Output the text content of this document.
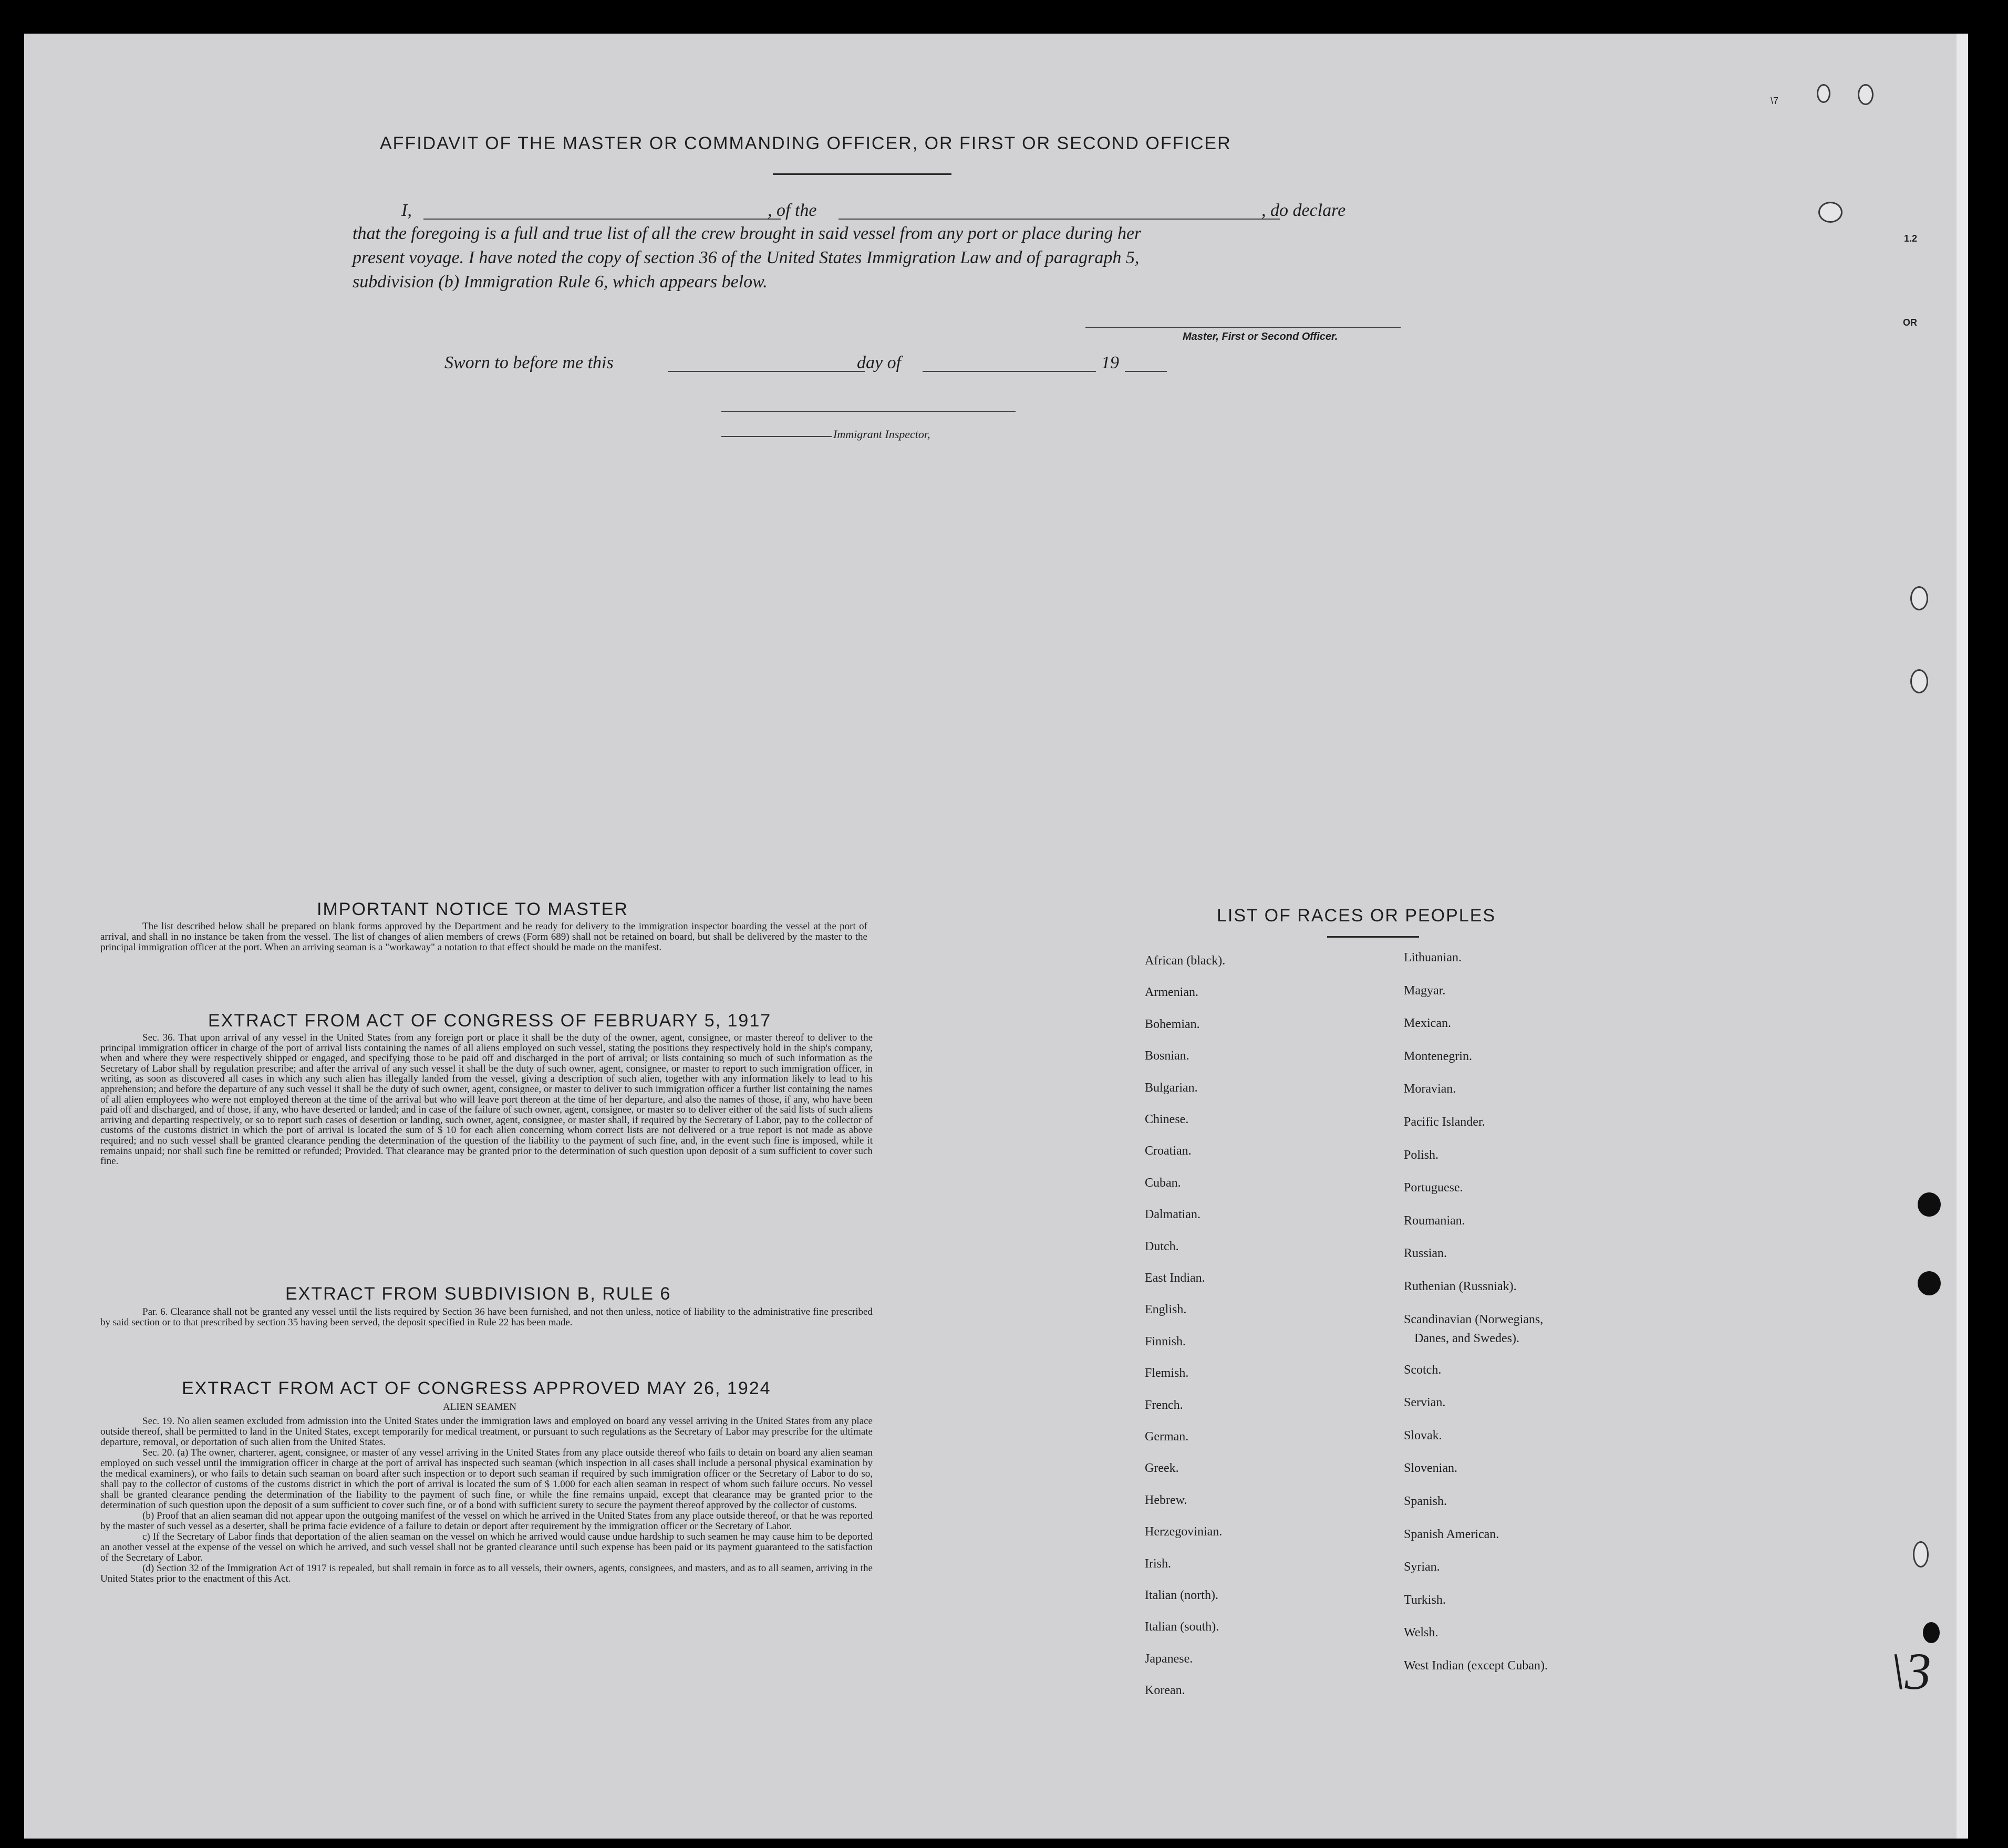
AFFIDAVIT OF THE MASTER OR COMMANDING OFFICER, OR FIRST OR SECOND OFFICER
I,	, of the	, do declare
that the foregoing is a full and true list of all the crew brought in said vessel from any port or place during her
present voyage. I have noted the copy of section 36 of the United States Immigration Law and of paragraph 5,
subdivision (b) Immigration Rule 6, which appears below.
Master, First or Second Officer.
Sworn to before me this	day of	19
Immigrant Inspector,
IMPORTANT NOTICE TO MASTER
The list described below shall be prepared on blank forms approved by the Department and be ready for delivery to the immigration inspector boarding the vessel at the port of arrival, and shall in no instance be taken from the vessel. The list of changes of alien members of crews (Form 689) shall not be retained on board, but shall be delivered by the master to the principal immigration officer at the port. When an arriving seaman is a "workaway" a notation to that effect should be made on the manifest.
EXTRACT FROM ACT OF CONGRESS OF FEBRUARY 5, 1917
Sec. 36. That upon arrival of any vessel in the United States from any foreign port or place it shall be the duty of the owner, agent, consignee, or master thereof to deliver to the principal immigration officer in charge of the port of arrival lists containing the names of all aliens employed on such vessel, stating the positions they respectively hold in the ship's company, when and where they were respectively shipped or engaged, and specifying those to be paid off and discharged in the port of arrival; or lists containing so much of such information as the Secretary of Labor shall by regulation prescribe; and after the arrival of any such vessel it shall be the duty of such owner, agent, consignee, or master to report to such immigration officer, in writing, as soon as discovered all cases in which any such alien has illegally landed from the vessel, giving a description of such alien, together with any information likely to lead to his apprehension; and before the departure of any such vessel it shall be the duty of such owner, agent, consignee, or master to deliver to such immigration officer a further list containing the names of all alien employees who were not employed thereon at the time of the arrival but who will leave port thereon at the time of her departure, and also the names of those, if any, who have been paid off and discharged, and of those, if any, who have deserted or landed; and in case of the failure of such owner, agent, consignee, or master so to deliver either of the said lists of such aliens arriving and departing respectively, or so to report such cases of desertion or landing, such owner, agent, consignee, or master shall, if required by the Secretary of Labor, pay to the collector of customs of the customs district in which the port of arrival is located the sum of $ 10 for each alien concerning whom correct lists are not delivered or a true report is not made as above required; and no such vessel shall be granted clearance pending the determination of the question of the liability to the payment of such fine, and, in the event such fine is imposed, while it remains unpaid; nor shall such fine be remitted or refunded; Provided. That clearance may be granted prior to the determination of such question upon deposit of a sum sufficient to cover such fine.
EXTRACT FROM SUBDIVISION B, RULE 6
Par. 6. Clearance shall not be granted any vessel until the lists required by Section 36 have been furnished, and not then unless, notice of liability to the administrative fine prescribed by said section or to that prescribed by section 35 having been served, the deposit specified in Rule 22 has been made.
EXTRACT FROM ACT OF CONGRESS APPROVED MAY 26, 1924
ALIEN SEAMEN
Sec. 19. No alien seamen excluded from admission into the United States under the immigration laws and employed on board any vessel arriving in the United States from any place outside thereof, shall be permitted to land in the United States, except temporarily for medical treatment, or pursuant to such regulations as the Secretary of Labor may prescribe for the ultimate departure, removal, or deportation of such alien from the United States.
Sec. 20. (a) The owner, charterer, agent, consignee, or master of any vessel arriving in the United States from any place outside thereof who fails to detain on board any alien seaman employed on such vessel until the immigration officer in charge at the port of arrival has inspected such seaman (which inspection in all cases shall include a personal physical examination by the medical examiners), or who fails to detain such seaman on board after such inspection or to deport such seaman if required by such immigration officer or the Secretary of Labor to do so, shall pay to the collector of customs of the customs district in which the port of arrival is located the sum of $ 1.000 for each alien seaman in respect of whom such failure occurs. No vessel shall be granted clearance pending the determination of the liability to the payment of such fine, or while the fine remains unpaid, except that clearance may be granted prior to the determination of such question upon the deposit of a sum sufficient to cover such fine, or of a bond with sufficient surety to secure the payment thereof approved by the collector of customs.
(b) Proof that an alien seaman did not appear upon the outgoing manifest of the vessel on which he arrived in the United States from any place outside thereof, or that he was reported by the master of such vessel as a deserter, shall be prima facie evidence of a failure to detain or deport after requirement by the immigration officer or the Secretary of Labor.
c) If the Secretary of Labor finds that deportation of the alien seaman on the vessel on which he arrived would cause undue hardship to such seamen he may cause him to be deported an another vessel at the expense of the vessel on which he arrived, and such vessel shall not be granted clearance until such expense has been paid or its payment guaranteed to the satisfaction of the Secretary of Labor.
(d) Section 32 of the Immigration Act of 1917 is repealed, but shall remain in force as to all vessels, their owners, agents, consignees, and masters, and as to all seamen, arriving in the United States prior to the enactment of this Act.
LIST OF RACES OR PEOPLES
African (black).
Armenian.
Bohemian.
Bosnian.
Bulgarian.
Chinese.
Croatian.
Cuban.
Dalmatian.
Dutch.
East Indian.
English.
Finnish.
Flemish.
French.
German.
Greek.
Hebrew.
Herzegovinian.
Irish.
Italian (north).
Italian (south).
Japanese.
Korean.
Lithuanian.
Magyar.
Mexican.
Montenegrin.
Moravian.
Pacific Islander.
Polish.
Portuguese.
Roumanian.
Russian.
Ruthenian (Russniak).
Scandinavian (Norwegians,
Danes, and Swedes).
Scotch.
Servian.
Slovak.
Slovenian.
Spanish.
Spanish American.
Syrian.
Turkish.
Welsh.
West Indian (except Cuban).
\7
1.2
OR
\3
